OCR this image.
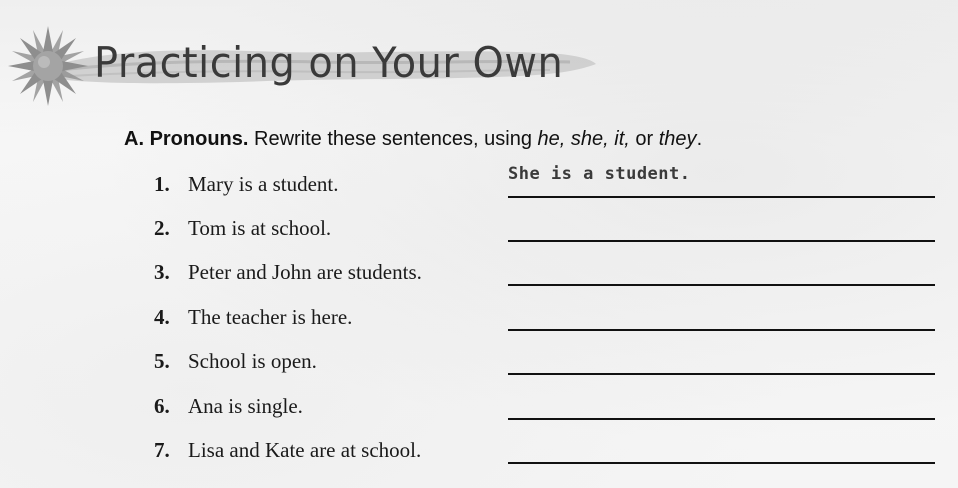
Practicing on Your Own

A. Pronouns. Rewrite these sentences, using he, she, it, or they.

1. Mary is a student.	She is a student.
2. Tom is at school.
3. Peter and John are students.
4. The teacher is here.
5. School is open.
6. Ana is single.
7. Lisa and Kate are at school.
